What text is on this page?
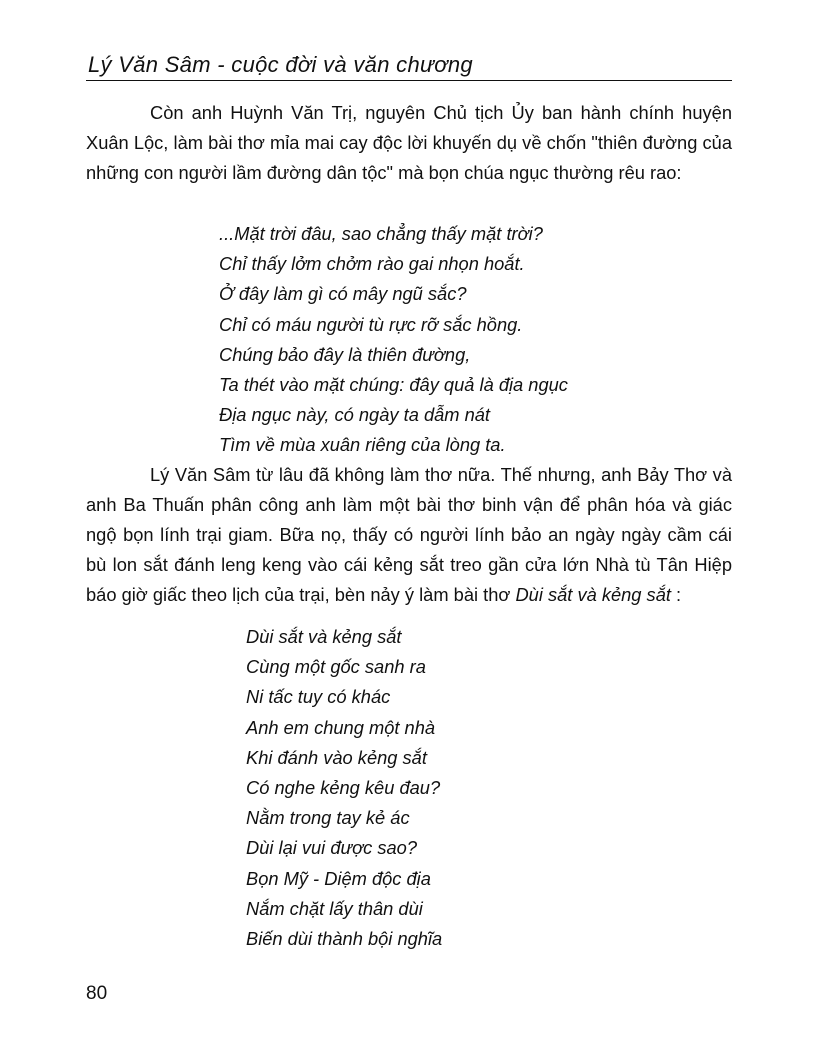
Lý Văn Sâm - cuộc đời và văn chương

Còn anh Huỳnh Văn Trị, nguyên Chủ tịch Ủy ban hành chính huyện Xuân Lộc, làm bài thơ mỉa mai cay độc lời khuyến dụ về chốn "thiên đường của những con người lầm đường dân tộc" mà bọn chúa ngục thường rêu rao:

...Mặt trời đâu, sao chẳng thấy mặt trời?
Chỉ thấy lởm chởm rào gai nhọn hoắt.
Ở đây làm gì có mây ngũ sắc?
Chỉ có máu người tù rực rỡ sắc hồng.
Chúng bảo đây là thiên đường,
Ta thét vào mặt chúng: đây quả là địa ngục
Địa ngục này, có ngày ta dẫm nát
Tìm về mùa xuân riêng của lòng ta.

Lý Văn Sâm từ lâu đã không làm thơ nữa. Thế nhưng, anh Bảy Thơ và anh Ba Thuấn phân công anh làm một bài thơ binh vận để phân hóa và giác ngộ bọn lính trại giam. Bữa nọ, thấy có người lính bảo an ngày ngày cầm cái bù lon sắt đánh leng keng vào cái kẻng sắt treo gần cửa lớn Nhà tù Tân Hiệp báo giờ giấc theo lịch của trại, bèn nảy ý làm bài thơ Dùi sắt và kẻng sắt :

Dùi sắt và kẻng sắt
Cùng một gốc sanh ra
Ni tấc tuy có khác
Anh em chung một nhà
Khi đánh vào kẻng sắt
Có nghe kẻng kêu đau?
Nằm trong tay kẻ ác
Dùi lại vui được sao?
Bọn Mỹ - Diệm độc địa
Nắm chặt lấy thân dùi
Biến dùi thành bội nghĩa
80
